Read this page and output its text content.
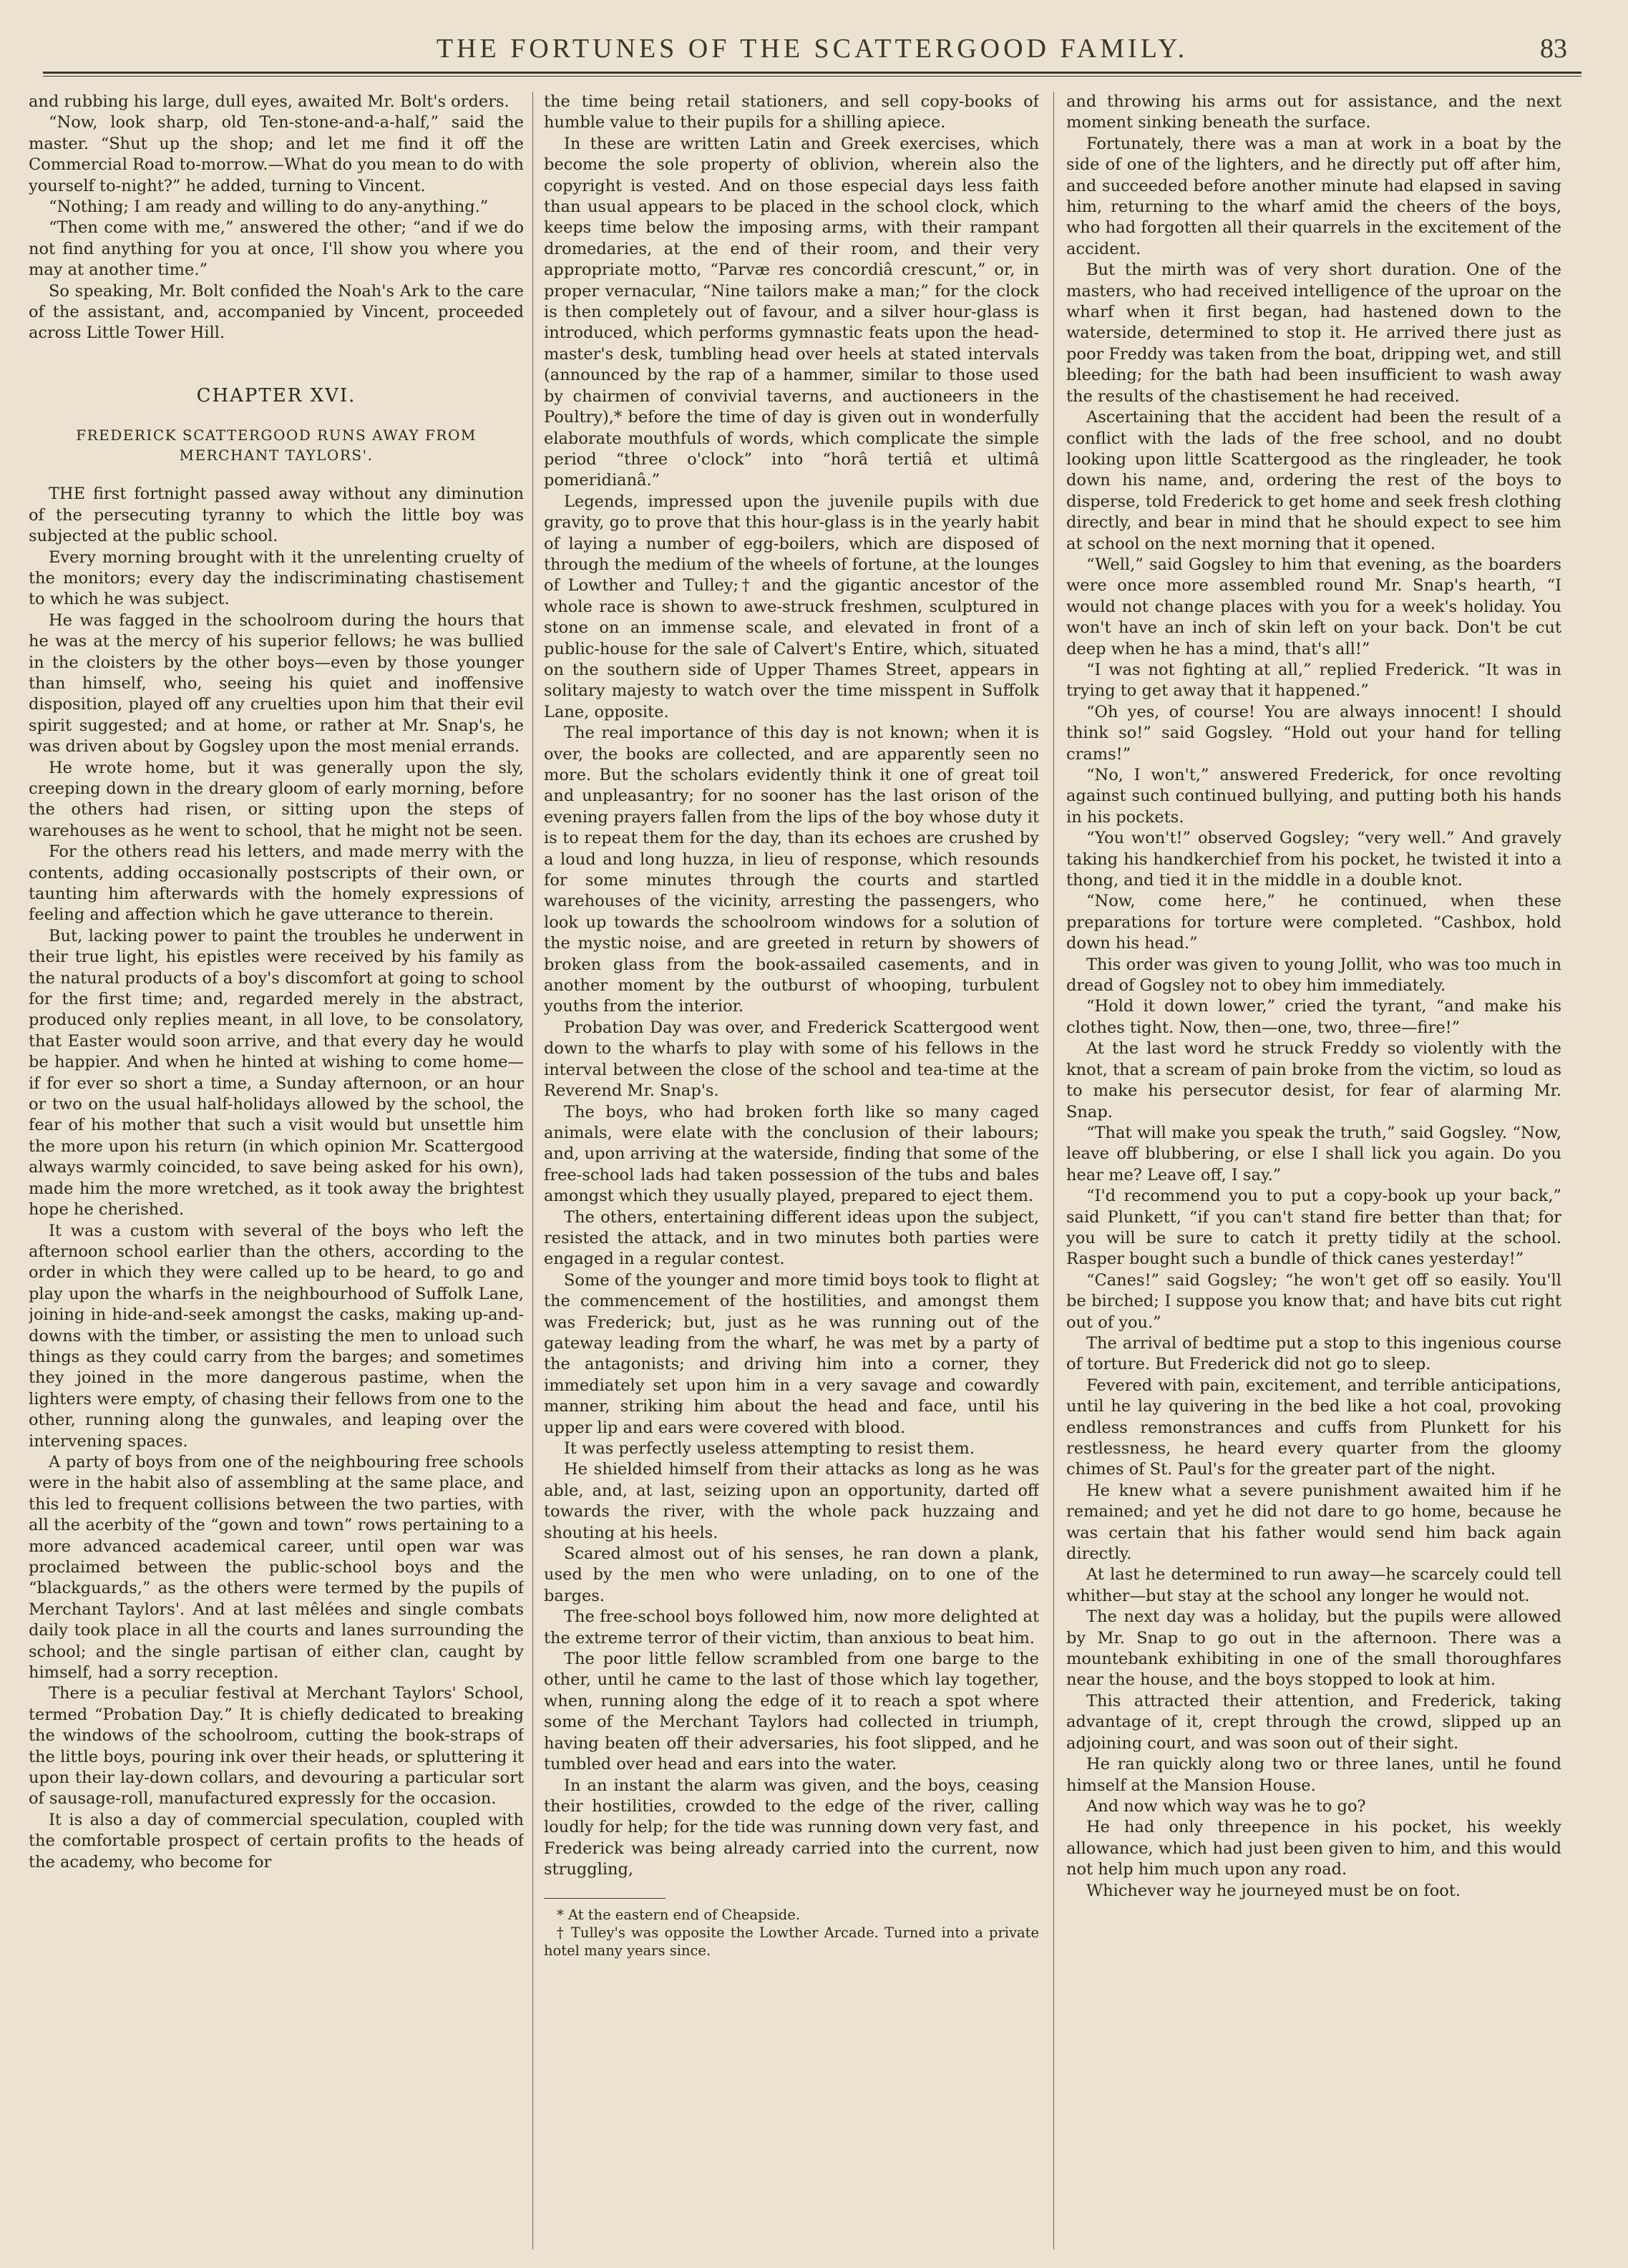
THE FORTUNES OF THE SCATTERGOOD FAMILY.	83

and rubbing his large, dull eyes, awaited Mr. Bolt's orders.

“Now, look sharp, old Ten-stone-and-a-half,” said the master. “Shut up the shop; and let me find it off the Commercial Road to-morrow.—What do you mean to do with yourself to-night?” he added, turning to Vincent.

“Nothing; I am ready and willing to do any-anything.”

“Then come with me,” answered the other; “and if we do not find anything for you at once, I'll show you where you may at another time.”

So speaking, Mr. Bolt confided the Noah's Ark to the care of the assistant, and, accompanied by Vincent, proceeded across Little Tower Hill.

CHAPTER XVI.
FREDERICK SCATTERGOOD RUNS AWAY FROM MERCHANT TAYLORS'.

THE first fortnight passed away without any diminution of the persecuting tyranny to which the little boy was subjected at the public school.

Every morning brought with it the unrelenting cruelty of the monitors; every day the indiscriminating chastisement to which he was subject.

He was fagged in the schoolroom during the hours that he was at the mercy of his superior fellows; he was bullied in the cloisters by the other boys—even by those younger than himself, who, seeing his quiet and inoffensive disposition, played off any cruelties upon him that their evil spirit suggested; and at home, or rather at Mr. Snap's, he was driven about by Gogsley upon the most menial errands.

He wrote home, but it was generally upon the sly, creeping down in the dreary gloom of early morning, before the others had risen, or sitting upon the steps of warehouses as he went to school, that he might not be seen.

For the others read his letters, and made merry with the contents, adding occasionally postscripts of their own, or taunting him afterwards with the homely expressions of feeling and affection which he gave utterance to therein.

But, lacking power to paint the troubles he underwent in their true light, his epistles were received by his family as the natural products of a boy's discomfort at going to school for the first time; and, regarded merely in the abstract, produced only replies meant, in all love, to be consolatory, that Easter would soon arrive, and that every day he would be happier. And when he hinted at wishing to come home—if for ever so short a time, a Sunday afternoon, or an hour or two on the usual half-holidays allowed by the school, the fear of his mother that such a visit would but unsettle him the more upon his return (in which opinion Mr. Scattergood always warmly coincided, to save being asked for his own), made him the more wretched, as it took away the brightest hope he cherished.

It was a custom with several of the boys who left the afternoon school earlier than the others, according to the order in which they were called up to be heard, to go and play upon the wharfs in the neighbourhood of Suffolk Lane, joining in hide-and-seek amongst the casks, making up-and-downs with the timber, or assisting the men to unload such things as they could carry from the barges; and sometimes they joined in the more dangerous pastime, when the lighters were empty, of chasing their fellows from one to the other, running along the gunwales, and leaping over the intervening spaces.

A party of boys from one of the neighbouring free schools were in the habit also of assembling at the same place, and this led to frequent collisions between the two parties, with all the acerbity of the “gown and town” rows pertaining to a more advanced academical career, until open war was proclaimed between the public-school boys and the “blackguards,” as the others were termed by the pupils of Merchant Taylors'. And at last mêlées and single combats daily took place in all the courts and lanes surrounding the school; and the single partisan of either clan, caught by himself, had a sorry reception.

There is a peculiar festival at Merchant Taylors' School, termed “Probation Day.” It is chiefly dedicated to breaking the windows of the schoolroom, cutting the book-straps of the little boys, pouring ink over their heads, or spluttering it upon their lay-down collars, and devouring a particular sort of sausage-roll, manufactured expressly for the occasion.

It is also a day of commercial speculation, coupled with the comfortable prospect of certain profits to the heads of the academy, who become for

the time being retail stationers, and sell copy-books of humble value to their pupils for a shilling apiece.

In these are written Latin and Greek exercises, which become the sole property of oblivion, wherein also the copyright is vested. And on those especial days less faith than usual appears to be placed in the school clock, which keeps time below the imposing arms, with their rampant dromedaries, at the end of their room, and their very appropriate motto, “Parvæ res concordiâ crescunt,” or, in proper vernacular, “Nine tailors make a man;” for the clock is then completely out of favour, and a silver hour-glass is introduced, which performs gymnastic feats upon the head-master's desk, tumbling head over heels at stated intervals (announced by the rap of a hammer, similar to those used by chairmen of convivial taverns, and auctioneers in the Poultry),* before the time of day is given out in wonderfully elaborate mouthfuls of words, which complicate the simple period “three o'clock” into “horâ tertiâ et ultimâ pomeridianâ.”

Legends, impressed upon the juvenile pupils with due gravity, go to prove that this hour-glass is in the yearly habit of laying a number of egg-boilers, which are disposed of through the medium of the wheels of fortune, at the lounges of Lowther and Tulley;† and the gigantic ancestor of the whole race is shown to awe-struck freshmen, sculptured in stone on an immense scale, and elevated in front of a public-house for the sale of Calvert's Entire, which, situated on the southern side of Upper Thames Street, appears in solitary majesty to watch over the time misspent in Suffolk Lane, opposite.

The real importance of this day is not known; when it is over, the books are collected, and are apparently seen no more. But the scholars evidently think it one of great toil and unpleasantry; for no sooner has the last orison of the evening prayers fallen from the lips of the boy whose duty it is to repeat them for the day, than its echoes are crushed by a loud and long huzza, in lieu of response, which resounds for some minutes through the courts and startled warehouses of the vicinity, arresting the passengers, who look up towards the schoolroom windows for a solution of the mystic noise, and are greeted in return by showers of broken glass from the book-assailed casements, and in another moment by the outburst of whooping, turbulent youths from the interior.

Probation Day was over, and Frederick Scattergood went down to the wharfs to play with some of his fellows in the interval between the close of the school and tea-time at the Reverend Mr. Snap's.

The boys, who had broken forth like so many caged animals, were elate with the conclusion of their labours; and, upon arriving at the waterside, finding that some of the free-school lads had taken possession of the tubs and bales amongst which they usually played, prepared to eject them.

The others, entertaining different ideas upon the subject, resisted the attack, and in two minutes both parties were engaged in a regular contest.

Some of the younger and more timid boys took to flight at the commencement of the hostilities, and amongst them was Frederick; but, just as he was running out of the gateway leading from the wharf, he was met by a party of the antagonists; and driving him into a corner, they immediately set upon him in a very savage and cowardly manner, striking him about the head and face, until his upper lip and ears were covered with blood.

It was perfectly useless attempting to resist them.

He shielded himself from their attacks as long as he was able, and, at last, seizing upon an opportunity, darted off towards the river, with the whole pack huzzaing and shouting at his heels.

Scared almost out of his senses, he ran down a plank, used by the men who were unlading, on to one of the barges.

The free-school boys followed him, now more delighted at the extreme terror of their victim, than anxious to beat him.

The poor little fellow scrambled from one barge to the other, until he came to the last of those which lay together, when, running along the edge of it to reach a spot where some of the Merchant Taylors had collected in triumph, having beaten off their adversaries, his foot slipped, and he tumbled over head and ears into the water.

In an instant the alarm was given, and the boys, ceasing their hostilities, crowded to the edge of the river, calling loudly for help; for the tide was running down very fast, and Frederick was being already carried into the current, now struggling,

* At the eastern end of Cheapside.

† Tulley's was opposite the Lowther Arcade. Turned into a private hotel many years since.

and throwing his arms out for assistance, and the next moment sinking beneath the surface.

Fortunately, there was a man at work in a boat by the side of one of the lighters, and he directly put off after him, and succeeded before another minute had elapsed in saving him, returning to the wharf amid the cheers of the boys, who had forgotten all their quarrels in the excitement of the accident.

But the mirth was of very short duration. One of the masters, who had received intelligence of the uproar on the wharf when it first began, had hastened down to the waterside, determined to stop it. He arrived there just as poor Freddy was taken from the boat, dripping wet, and still bleeding; for the bath had been insufficient to wash away the results of the chastisement he had received.

Ascertaining that the accident had been the result of a conflict with the lads of the free school, and no doubt looking upon little Scattergood as the ringleader, he took down his name, and, ordering the rest of the boys to disperse, told Frederick to get home and seek fresh clothing directly, and bear in mind that he should expect to see him at school on the next morning that it opened.

“Well,” said Gogsley to him that evening, as the boarders were once more assembled round Mr. Snap's hearth, “I would not change places with you for a week's holiday. You won't have an inch of skin left on your back. Don't be cut deep when he has a mind, that's all!”

“I was not fighting at all,” replied Frederick. “It was in trying to get away that it happened.”

“Oh yes, of course! You are always innocent! I should think so!” said Gogsley. “Hold out your hand for telling crams!”

“No, I won't,” answered Frederick, for once revolting against such continued bullying, and putting both his hands in his pockets.

“You won't!” observed Gogsley; “very well.” And gravely taking his handkerchief from his pocket, he twisted it into a thong, and tied it in the middle in a double knot.

“Now, come here,” he continued, when these preparations for torture were completed. “Cashbox, hold down his head.”

This order was given to young Jollit, who was too much in dread of Gogsley not to obey him immediately.

“Hold it down lower,” cried the tyrant, “and make his clothes tight. Now, then—one, two, three—fire!”

At the last word he struck Freddy so violently with the knot, that a scream of pain broke from the victim, so loud as to make his persecutor desist, for fear of alarming Mr. Snap.

“That will make you speak the truth,” said Gogsley. “Now, leave off blubbering, or else I shall lick you again. Do you hear me? Leave off, I say.”

“I'd recommend you to put a copy-book up your back,” said Plunkett, “if you can't stand fire better than that; for you will be sure to catch it pretty tidily at the school. Rasper bought such a bundle of thick canes yesterday!”

“Canes!” said Gogsley; “he won't get off so easily. You'll be birched; I suppose you know that; and have bits cut right out of you.”

The arrival of bedtime put a stop to this ingenious course of torture. But Frederick did not go to sleep.

Fevered with pain, excitement, and terrible anticipations, until he lay quivering in the bed like a hot coal, provoking endless remonstrances and cuffs from Plunkett for his restlessness, he heard every quarter from the gloomy chimes of St. Paul's for the greater part of the night.

He knew what a severe punishment awaited him if he remained; and yet he did not dare to go home, because he was certain that his father would send him back again directly.

At last he determined to run away—he scarcely could tell whither—but stay at the school any longer he would not.

The next day was a holiday, but the pupils were allowed by Mr. Snap to go out in the afternoon. There was a mountebank exhibiting in one of the small thoroughfares near the house, and the boys stopped to look at him.

This attracted their attention, and Frederick, taking advantage of it, crept through the crowd, slipped up an adjoining court, and was soon out of their sight.

He ran quickly along two or three lanes, until he found himself at the Mansion House.

And now which way was he to go?

He had only threepence in his pocket, his weekly allowance, which had just been given to him, and this would not help him much upon any road.

Whichever way he journeyed must be on foot.
